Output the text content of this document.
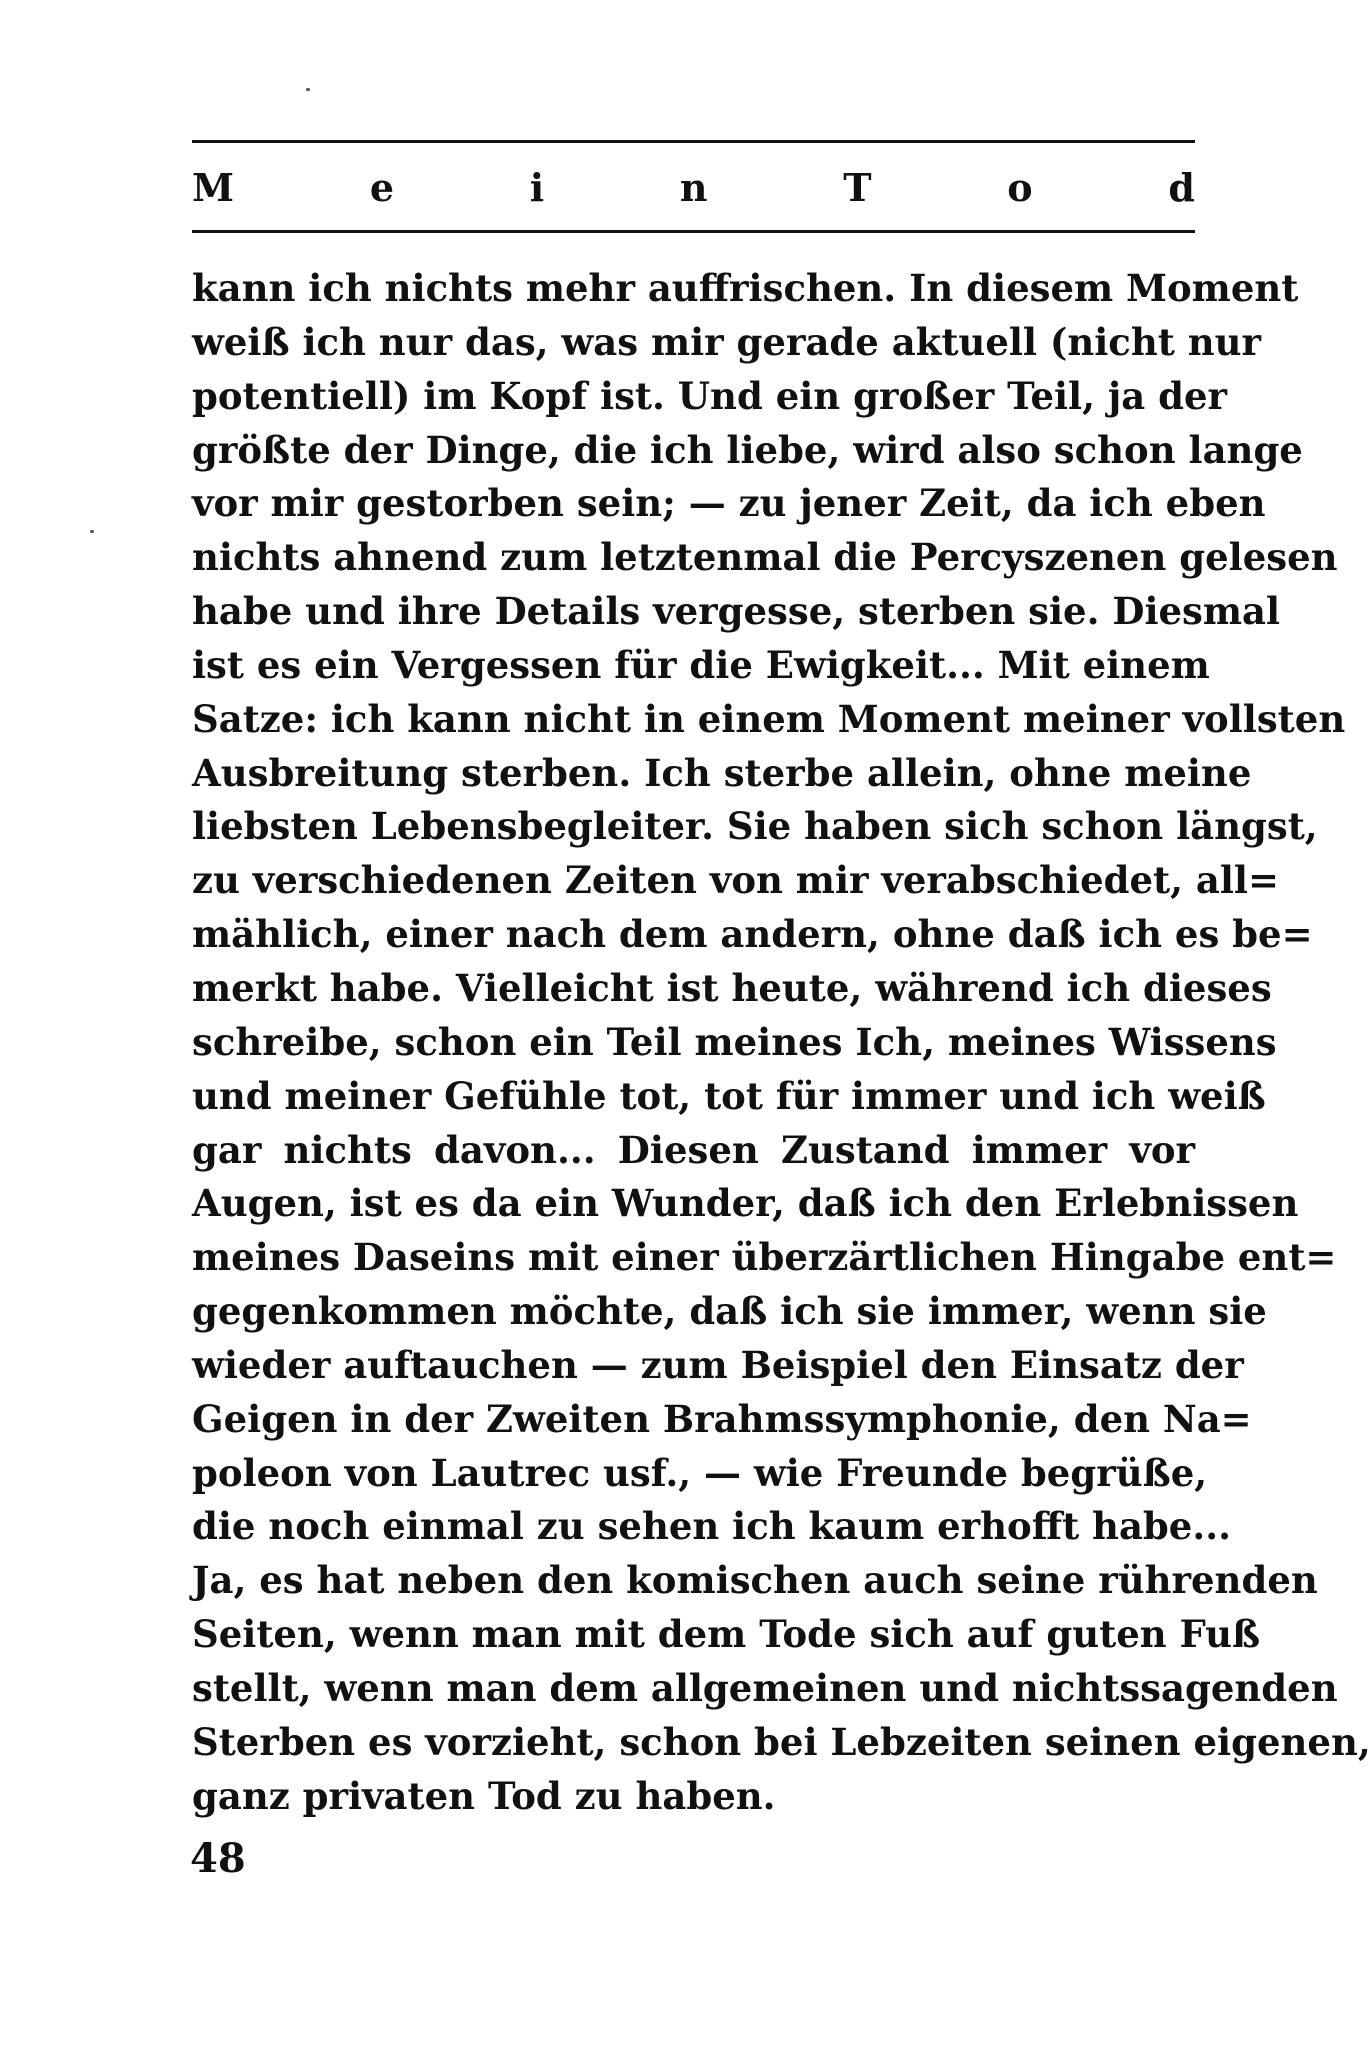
M	e	i	n	T	o	d
kann ich nichts mehr auffrischen. In diesem Moment
weiß ich nur das, was mir gerade aktuell (nicht nur
potentiell) im Kopf ist. Und ein großer Teil, ja der
größte der Dinge, die ich liebe, wird also schon lange
vor mir gestorben sein; — zu jener Zeit, da ich eben
nichts ahnend zum letztenmal die Percyszenen gelesen
habe und ihre Details vergesse, sterben sie. Diesmal
ist es ein Vergessen für die Ewigkeit... Mit einem
Satze: ich kann nicht in einem Moment meiner vollsten
Ausbreitung sterben. Ich sterbe allein, ohne meine
liebsten Lebensbegleiter. Sie haben sich schon längst,
zu verschiedenen Zeiten von mir verabschiedet, all=
mählich, einer nach dem andern, ohne daß ich es be=
merkt habe. Vielleicht ist heute, während ich dieses
schreibe, schon ein Teil meines Ich, meines Wissens
und meiner Gefühle tot, tot für immer und ich weiß
gar nichts davon... Diesen Zustand immer vor
Augen, ist es da ein Wunder, daß ich den Erlebnissen
meines Daseins mit einer überzärtlichen Hingabe ent=
gegenkommen möchte, daß ich sie immer, wenn sie
wieder auftauchen — zum Beispiel den Einsatz der
Geigen in der Zweiten Brahmssymphonie, den Na=
poleon von Lautrec usf., — wie Freunde begrüße,
die noch einmal zu sehen ich kaum erhofft habe...
Ja, es hat neben den komischen auch seine rührenden
Seiten, wenn man mit dem Tode sich auf guten Fuß
stellt, wenn man dem allgemeinen und nichtssagenden
Sterben es vorzieht, schon bei Lebzeiten seinen eigenen,
ganz privaten Tod zu haben.
48
